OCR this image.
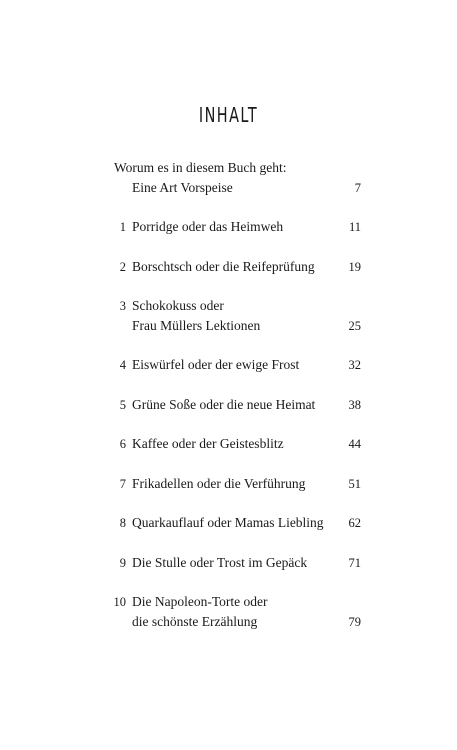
INHALT
Worum es in diesem Buch geht:
Eine Art Vorspeise	7
1 Porridge oder das Heimweh	11
2 Borschtsch oder die Reifeprüfung	19
3 Schokokuss oder
Frau Müllers Lektionen	25
4 Eiswürfel oder der ewige Frost	32
5 Grüne Soße oder die neue Heimat	38
6 Kaffee oder der Geistesblitz	44
7 Frikadellen oder die Verführung	51
8 Quarkauflauf oder Mamas Liebling 62
9 Die Stulle oder Trost im Gepäck	71
10 Die Napoleon-Torte oder
die schönste Erzählung	79
